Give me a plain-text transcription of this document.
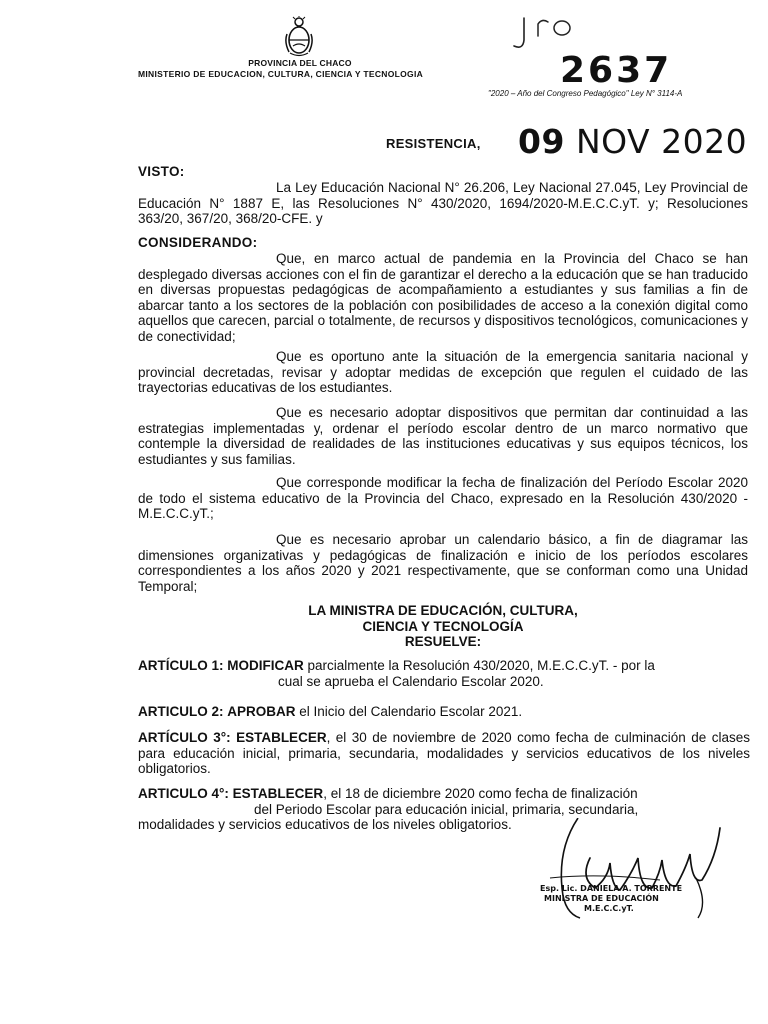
PROVINCIA DEL CHACO
MINISTERIO DE EDUCACION, CULTURA, CIENCIA Y TECNOLOGIA	2637
"2020 – Año del Congreso Pedagógico" Ley N° 3114-A
RESISTENCIA, 09 NOV 2020
VISTO:

La Ley Educación Nacional N° 26.206, Ley Nacional 27.045, Ley Provincial de Educación N° 1887 E, las Resoluciones N° 430/2020, 1694/2020-M.E.C.C.yT. y; Resoluciones 363/20, 367/20, 368/20-CFE. y

CONSIDERANDO:

Que, en marco actual de pandemia en la Provincia del Chaco se han desplegado diversas acciones con el fin de garantizar el derecho a la educación que se han traducido en diversas propuestas pedagógicas de acompañamiento a estudiantes y sus familias a fin de abarcar tanto a los sectores de la población con posibilidades de acceso a la conexión digital como aquellos que carecen, parcial o totalmente, de recursos y dispositivos tecnológicos, comunicaciones y de conectividad;

Que es oportuno ante la situación de la emergencia sanitaria nacional y provincial decretadas, revisar y adoptar medidas de excepción que regulen el cuidado de las trayectorias educativas de los estudiantes.

Que es necesario adoptar dispositivos que permitan dar continuidad a las estrategias implementadas y, ordenar el período escolar dentro de un marco normativo que contemple la diversidad de realidades de las instituciones educativas y sus equipos técnicos, los estudiantes y sus familias.

Que corresponde modificar la fecha de finalización del Período Escolar 2020 de todo el sistema educativo de la Provincia del Chaco, expresado en la Resolución 430/2020 - M.E.C.C.yT.;

Que es necesario aprobar un calendario básico, a fin de diagramar las dimensiones organizativas y pedagógicas de finalización e inicio de los períodos escolares correspondientes a los años 2020 y 2021 respectivamente, que se conforman como una Unidad Temporal;

LA MINISTRA DE EDUCACIÓN, CULTURA,
CIENCIA Y TECNOLOGÍA
RESUELVE:
ARTÍCULO 1: MODIFICAR parcialmente la Resolución 430/2020, M.E.C.C.yT. - por la
cual se aprueba el Calendario Escolar 2020.
ARTICULO 2: APROBAR el Inicio del Calendario Escolar 2021.
ARTÍCULO 3°: ESTABLECER, el 30 de noviembre de 2020 como fecha de culminación de clases para educación inicial, primaria, secundaria, modalidades y servicios educativos de los niveles obligatorios.
ARTICULO 4°: ESTABLECER, el 18 de diciembre 2020 como fecha de finalización
del Periodo Escolar para educación inicial, primaria, secundaria,
modalidades y servicios educativos de los niveles obligatorios.
Esp. Lic. DANIELA A. TORRENTE
MINISTRA DE EDUCACIÓN
M.E.C.C.yT.
